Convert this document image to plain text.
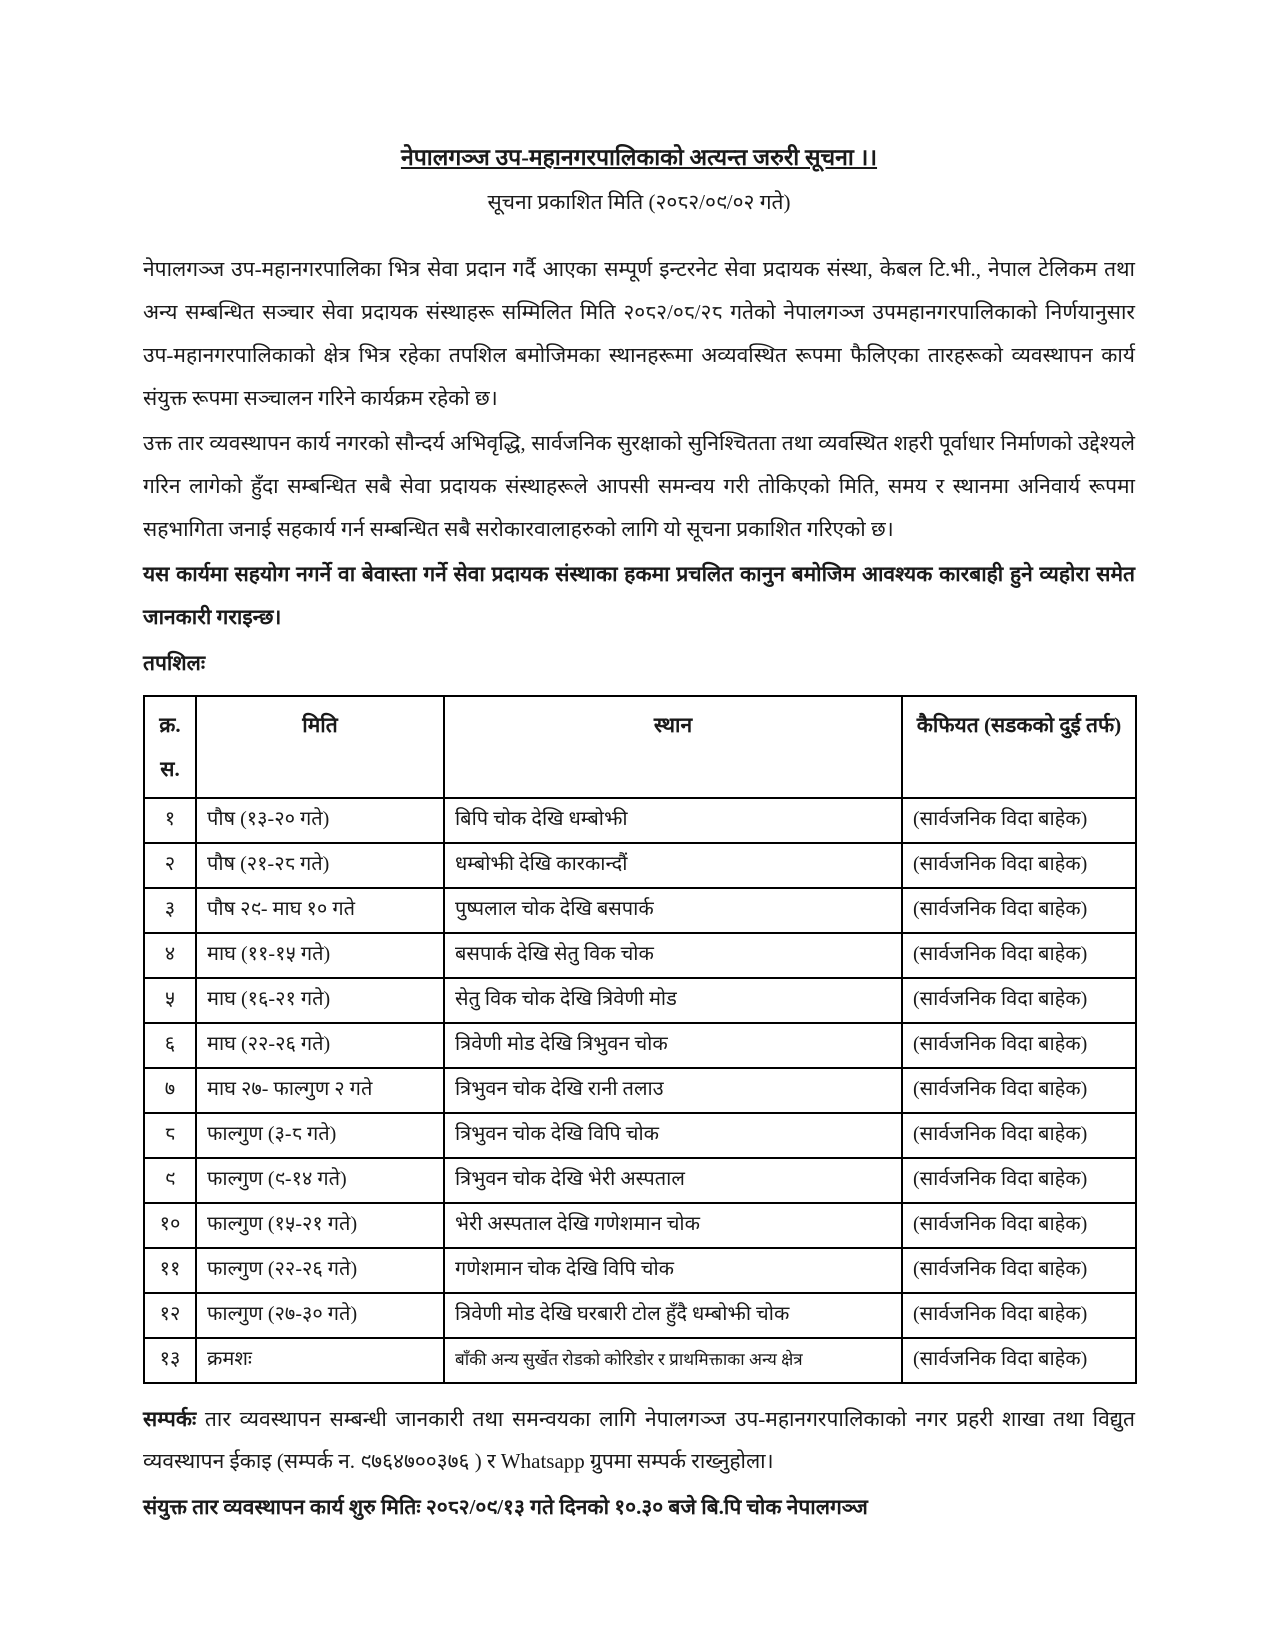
नेपालगञ्ज उप-महानगरपालिकाको अत्यन्त जरुरी सूचना ।।

सूचना प्रकाशित मिति (२०८२/०९/०२ गते)

नेपालगञ्ज उप-महानगरपालिका भित्र सेवा प्रदान गर्दै आएका सम्पूर्ण इन्टरनेट सेवा प्रदायक संस्था, केबल टि.भी., नेपाल टेलिकम तथा अन्य सम्बन्धित सञ्चार सेवा प्रदायक संस्थाहरू सम्मिलित मिति २०८२/०८/२८ गतेको नेपालगञ्ज उपमहानगरपालिकाको निर्णयानुसार उप-महानगरपालिकाको क्षेत्र भित्र रहेका तपशिल बमोजिमका स्थानहरूमा अव्यवस्थित रूपमा फैलिएका तारहरूको व्यवस्थापन कार्य संयुक्त रूपमा सञ्चालन गरिने कार्यक्रम रहेको छ।

उक्त तार व्यवस्थापन कार्य नगरको सौन्दर्य अभिवृद्धि, सार्वजनिक सुरक्षाको सुनिश्चितता तथा व्यवस्थित शहरी पूर्वाधार निर्माणको उद्देश्यले गरिन लागेको हुँदा सम्बन्धित सबै सेवा प्रदायक संस्थाहरूले आपसी समन्वय गरी तोकिएको मिति, समय र स्थानमा अनिवार्य रूपमा सहभागिता जनाई सहकार्य गर्न सम्बन्धित सबै सरोकारवालाहरुको लागि यो सूचना प्रकाशित गरिएको छ।

यस कार्यमा सहयोग नगर्ने वा बेवास्ता गर्ने सेवा प्रदायक संस्थाका हकमा प्रचलित कानुन बमोजिम आवश्यक कारबाही हुने व्यहोरा समेत जानकारी गराइन्छ।

तपशिलः

क्र. स.	मिति	स्थान	कैफियत (सडकको दुई तर्फ)
१	पौष (१३-२० गते)	बिपि चोक देखि धम्बोझी	(सार्वजनिक विदा बाहेक)
२	पौष (२१-२८ गते)	धम्बोझी देखि कारकान्दौं	(सार्वजनिक विदा बाहेक)
३	पौष २९- माघ १० गते	पुष्पलाल चोक देखि बसपार्क	(सार्वजनिक विदा बाहेक)
४	माघ (११-१५ गते)	बसपार्क देखि सेतु विक चोक	(सार्वजनिक विदा बाहेक)
५	माघ (१६-२१ गते)	सेतु विक चोक देखि त्रिवेणी मोड	(सार्वजनिक विदा बाहेक)
६	माघ (२२-२६ गते)	त्रिवेणी मोड देखि त्रिभुवन चोक	(सार्वजनिक विदा बाहेक)
७	माघ २७- फाल्गुण २ गते	त्रिभुवन चोक देखि रानी तलाउ	(सार्वजनिक विदा बाहेक)
८	फाल्गुण (३-८ गते)	त्रिभुवन चोक देखि विपि चोक	(सार्वजनिक विदा बाहेक)
९	फाल्गुण (९-१४ गते)	त्रिभुवन चोक देखि भेरी अस्पताल	(सार्वजनिक विदा बाहेक)
१०	फाल्गुण (१५-२१ गते)	भेरी अस्पताल देखि गणेशमान चोक	(सार्वजनिक विदा बाहेक)
११	फाल्गुण (२२-२६ गते)	गणेशमान चोक देखि विपि चोक	(सार्वजनिक विदा बाहेक)
१२	फाल्गुण (२७-३० गते)	त्रिवेणी मोड देखि घरबारी टोल हुँदै धम्बोझी चोक	(सार्वजनिक विदा बाहेक)
१३	क्रमशः	बाँकी अन्य सुर्खेत रोडको कोरिडोर र प्राथमिक्ताका अन्य क्षेत्र	(सार्वजनिक विदा बाहेक)

सम्पर्कः तार व्यवस्थापन सम्बन्धी जानकारी तथा समन्वयका लागि नेपालगञ्ज उप-महानगरपालिकाको नगर प्रहरी शाखा तथा विद्युत व्यवस्थापन ईकाइ (सम्पर्क न. ९७६४७००३७६ ) र Whatsapp ग्रुपमा सम्पर्क राख्नुहोला।

संयुक्त तार व्यवस्थापन कार्य शुरु मितिः २०८२/०९/१३ गते दिनको १०.३० बजे बि.पि चोक नेपालगञ्ज
